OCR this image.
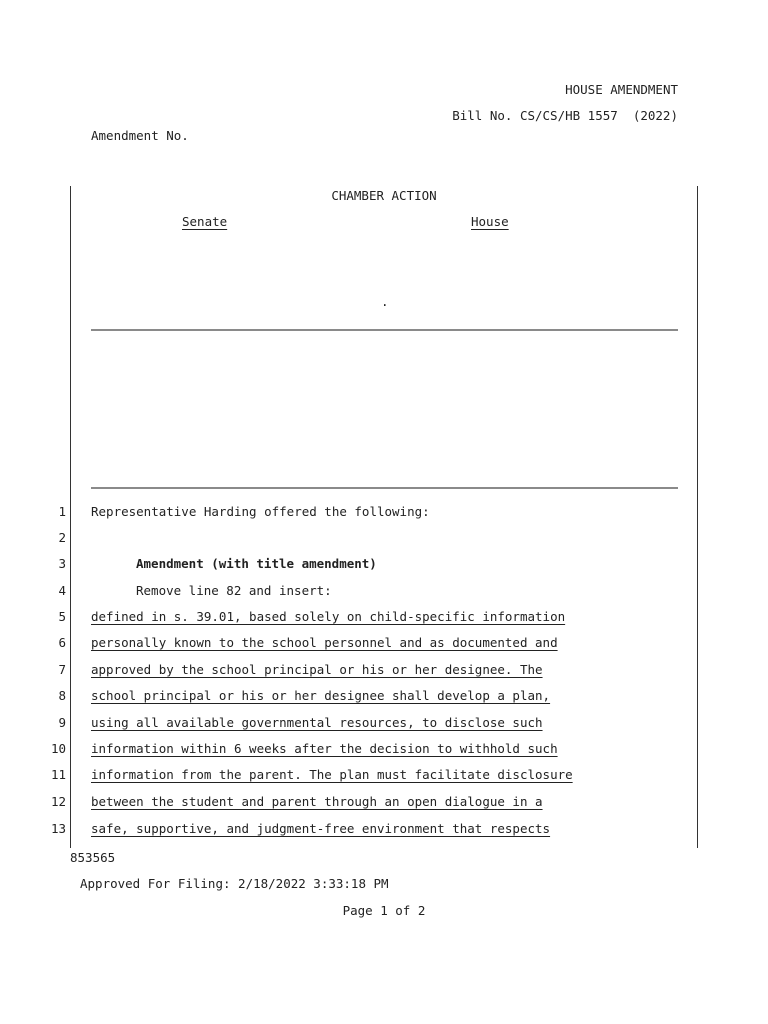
HOUSE AMENDMENT
Bill No. CS/CS/HB 1557  (2022)
Amendment No.
CHAMBER ACTION
Senate	House
.
1 Representative Harding offered the following:
2
3	Amendment (with title amendment)
4	Remove line 82 and insert:
5 defined in s. 39.01, based solely on child-specific information
6 personally known to the school personnel and as documented and
7 approved by the school principal or his or her designee. The
8 school principal or his or her designee shall develop a plan,
9 using all available governmental resources, to disclose such
10 information within 6 weeks after the decision to withhold such
11 information from the parent. The plan must facilitate disclosure
12 between the student and parent through an open dialogue in a
13 safe, supportive, and judgment-free environment that respects
853565
Approved For Filing: 2/18/2022 3:33:18 PM
Page 1 of 2
